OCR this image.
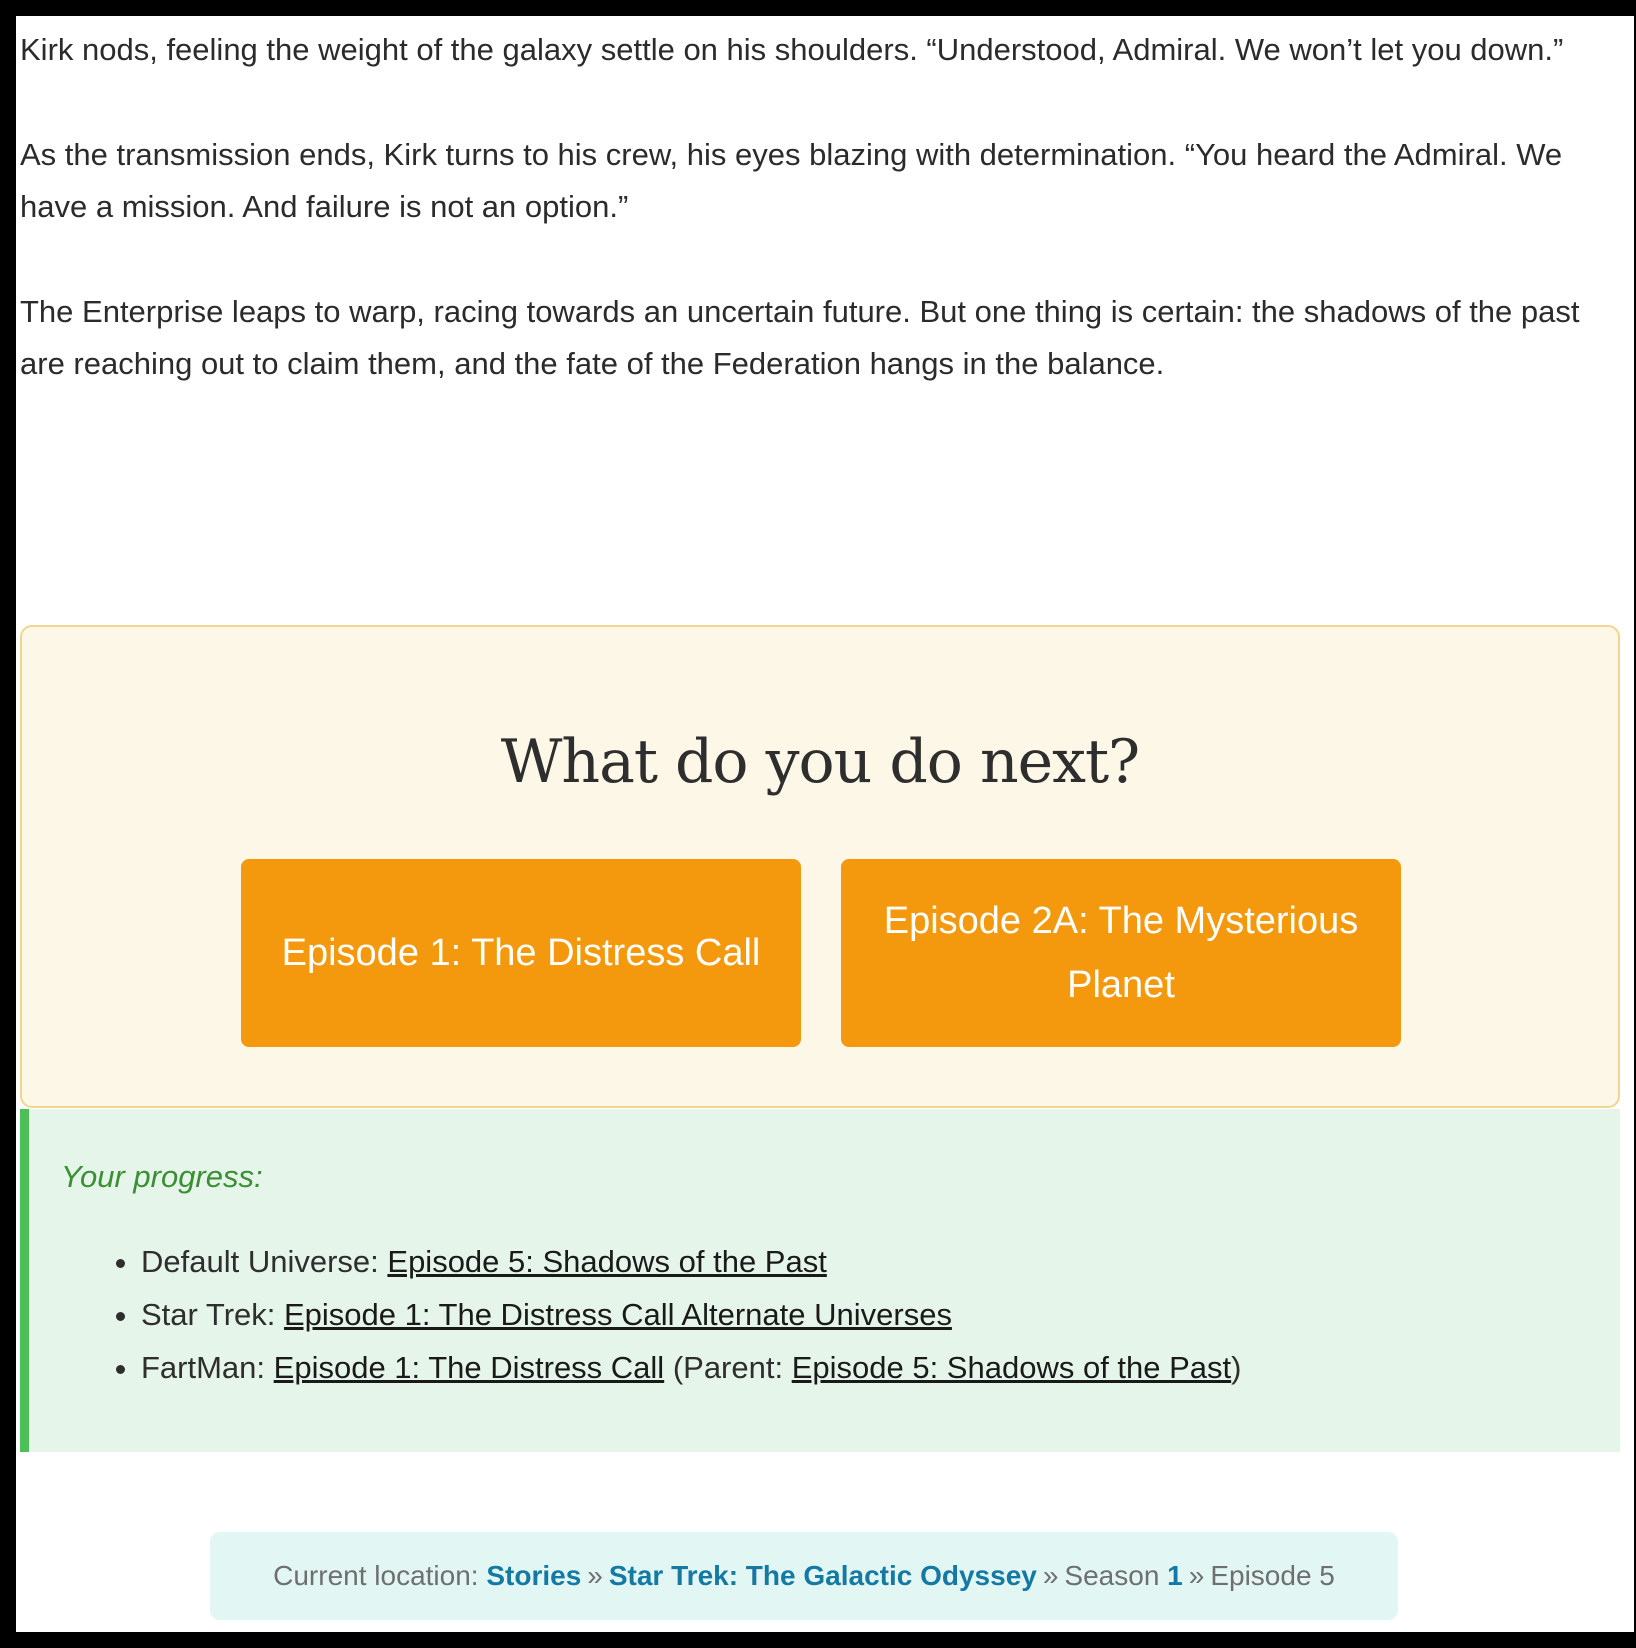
Kirk nods, feeling the weight of the galaxy settle on his shoulders. “Understood, Admiral. We won’t let you down.”

As the transmission ends, Kirk turns to his crew, his eyes blazing with determination. “You heard the Admiral. We have a mission. And failure is not an option.”

The Enterprise leaps to warp, racing towards an uncertain future. But one thing is certain: the shadows of the past are reaching out to claim them, and the fate of the Federation hangs in the balance.

What do you do next?
Episode 1: The Distress Call
Episode 2A: The Mysterious Planet

Your progress:

• Default Universe: Episode 5: Shadows of the Past
• Star Trek: Episode 1: The Distress Call Alternate Universes
• FartMan: Episode 1: The Distress Call (Parent: Episode 5: Shadows of the Past)
Current location:
Stories » Star Trek: The Galactic Odyssey » Season
1 » Episode 5
